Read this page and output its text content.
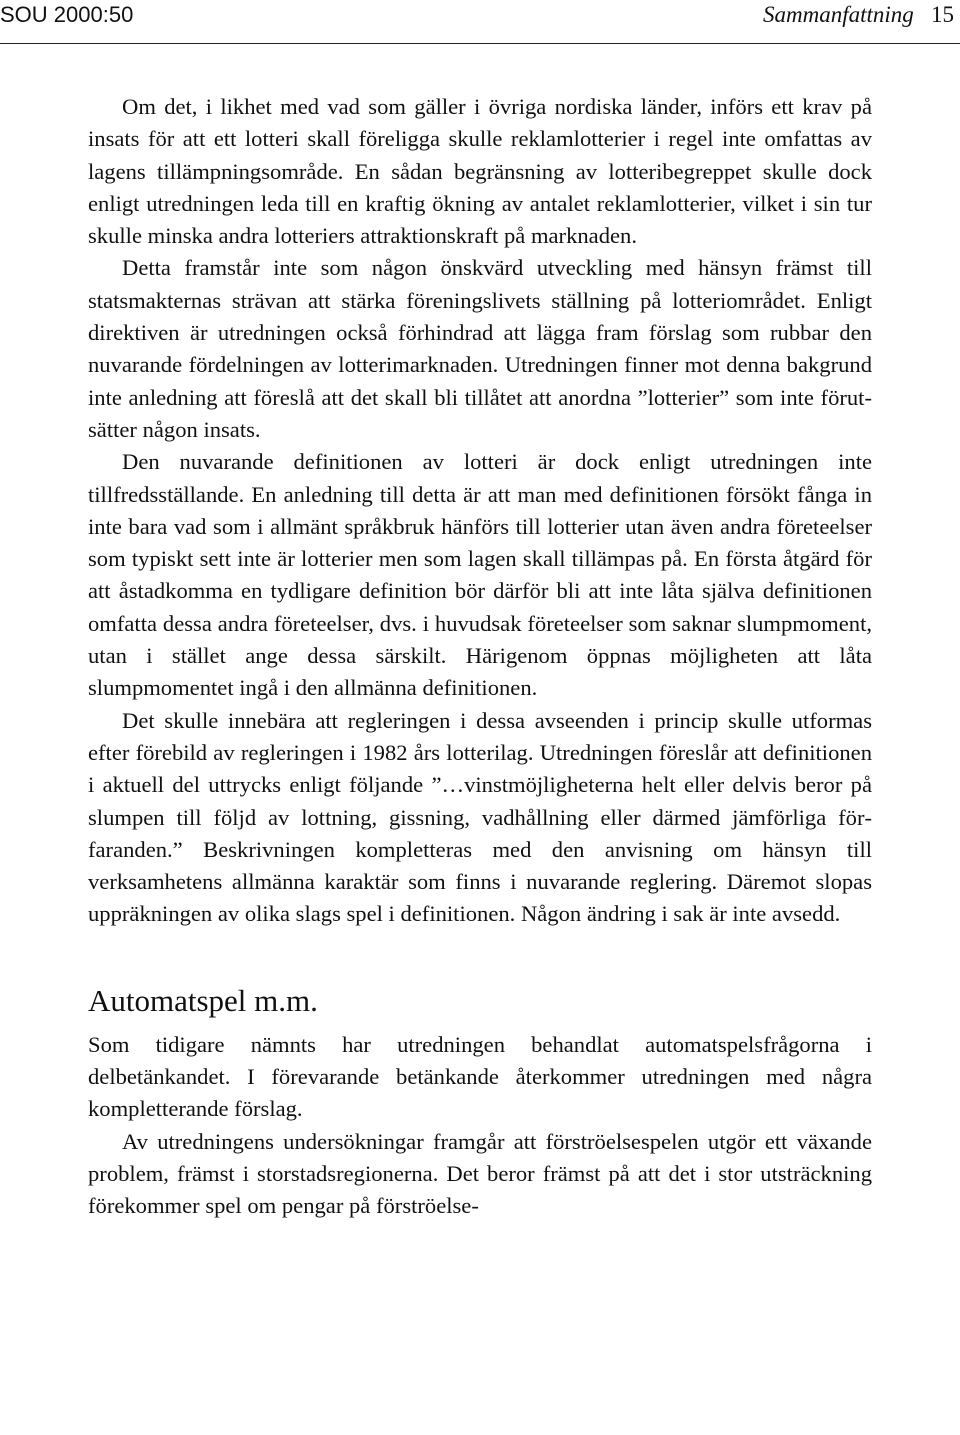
SOU 2000:50	Sammanfattning 15

Om det, i likhet med vad som gäller i övriga nordiska länder, införs ett krav på insats för att ett lotteri skall föreligga skulle reklamlotterier i regel inte omfattas av lagens tillämpningsområde. En sådan begränsning av lotteribegreppet skulle dock enligt utredningen leda till en kraftig ökning av antalet reklamlotterier, vilket i sin tur skulle minska andra lotteriers attraktionskraft på marknaden.

Detta framstår inte som någon önskvärd utveckling med hänsyn främst till statsmakternas strävan att stärka föreningslivets ställning på lotteriområdet. Enligt direktiven är utredningen också förhindrad att lägga fram förslag som rubbar den nuvarande fördelningen av lotterimarknaden. Utredningen finner mot denna bakgrund inte anledning att föreslå att det skall bli tillåtet att anordna ”lotterier” som inte förutsätter någon insats.

Den nuvarande definitionen av lotteri är dock enligt utredningen inte tillfredsställande. En anledning till detta är att man med definitionen försökt fånga in inte bara vad som i allmänt språkbruk hänförs till lotterier utan även andra företeelser som typiskt sett inte är lotterier men som lagen skall tillämpas på. En första åtgärd för att åstadkomma en tydligare definition bör därför bli att inte låta själva definitionen omfatta dessa andra företeelser, dvs. i huvudsak företeelser som saknar slumpmoment, utan i stället ange dessa särskilt. Härigenom öppnas möjligheten att låta slumpmomentet ingå i den allmänna definitionen.

Det skulle innebära att regleringen i dessa avseenden i princip skulle utformas efter förebild av regleringen i 1982 års lotterilag. Utredningen föreslår att definitionen i aktuell del uttrycks enligt följande ”…vinstmöjligheterna helt eller delvis beror på slumpen till följd av lottning, gissning, vadhållning eller därmed jämförliga förfaranden.” Beskrivningen kompletteras med den anvisning om hänsyn till verksamhetens allmänna karaktär som finns i nuvarande reglering. Däremot slopas uppräkningen av olika slags spel i definitionen. Någon ändring i sak är inte avsedd.

Automatspel m.m.

Som tidigare nämnts har utredningen behandlat automatspelsfrågorna i delbetänkandet. I förevarande betänkande återkommer utredningen med några kompletterande förslag.

Av utredningens undersökningar framgår att förströelsespelen utgör ett växande problem, främst i storstadsregionerna. Det beror främst på att det i stor utsträckning förekommer spel om pengar på förströelse-
